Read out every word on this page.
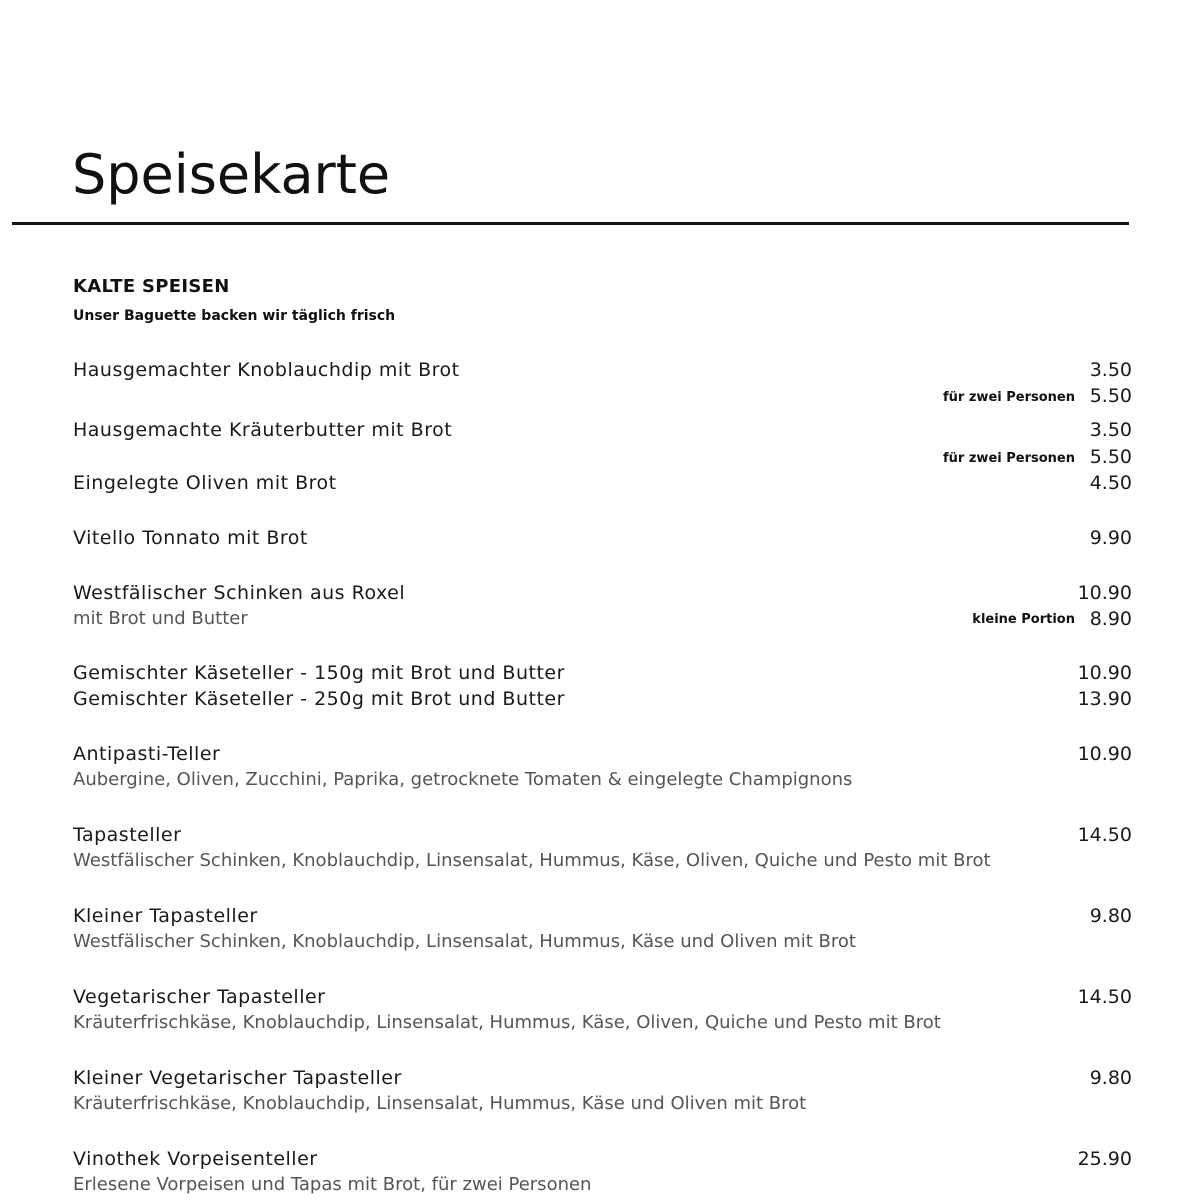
Speisekarte
KALTE SPEISEN
Unser Baguette backen wir täglich frisch
Hausgemachter Knoblauchdip mit Brot	3.50
für zwei Personen 5.50
Hausgemachte Kräuterbutter mit Brot	3.50
für zwei Personen 5.50
Eingelegte Oliven mit Brot	4.50
Vitello Tonnato mit Brot	9.90
Westfälischer Schinken aus Roxel	10.90
mit Brot und Butter	kleine Portion 8.90
Gemischter Käseteller - 150g mit Brot und Butter	10.90
Gemischter Käseteller - 250g mit Brot und Butter	13.90
Antipasti-Teller	10.90
Aubergine, Oliven, Zucchini, Paprika, getrocknete Tomaten & eingelegte Champignons
Tapasteller	14.50
Westfälischer Schinken, Knoblauchdip, Linsensalat, Hummus, Käse, Oliven, Quiche und Pesto mit Brot
Kleiner Tapasteller	9.80
Westfälischer Schinken, Knoblauchdip, Linsensalat, Hummus, Käse und Oliven mit Brot
Vegetarischer Tapasteller	14.50
Kräuterfrischkäse, Knoblauchdip, Linsensalat, Hummus, Käse, Oliven, Quiche und Pesto mit Brot
Kleiner Vegetarischer Tapasteller	9.80
Kräuterfrischkäse, Knoblauchdip, Linsensalat, Hummus, Käse und Oliven mit Brot
Vinothek Vorpeisenteller	25.90
Erlesene Vorpeisen und Tapas mit Brot, für zwei Personen
